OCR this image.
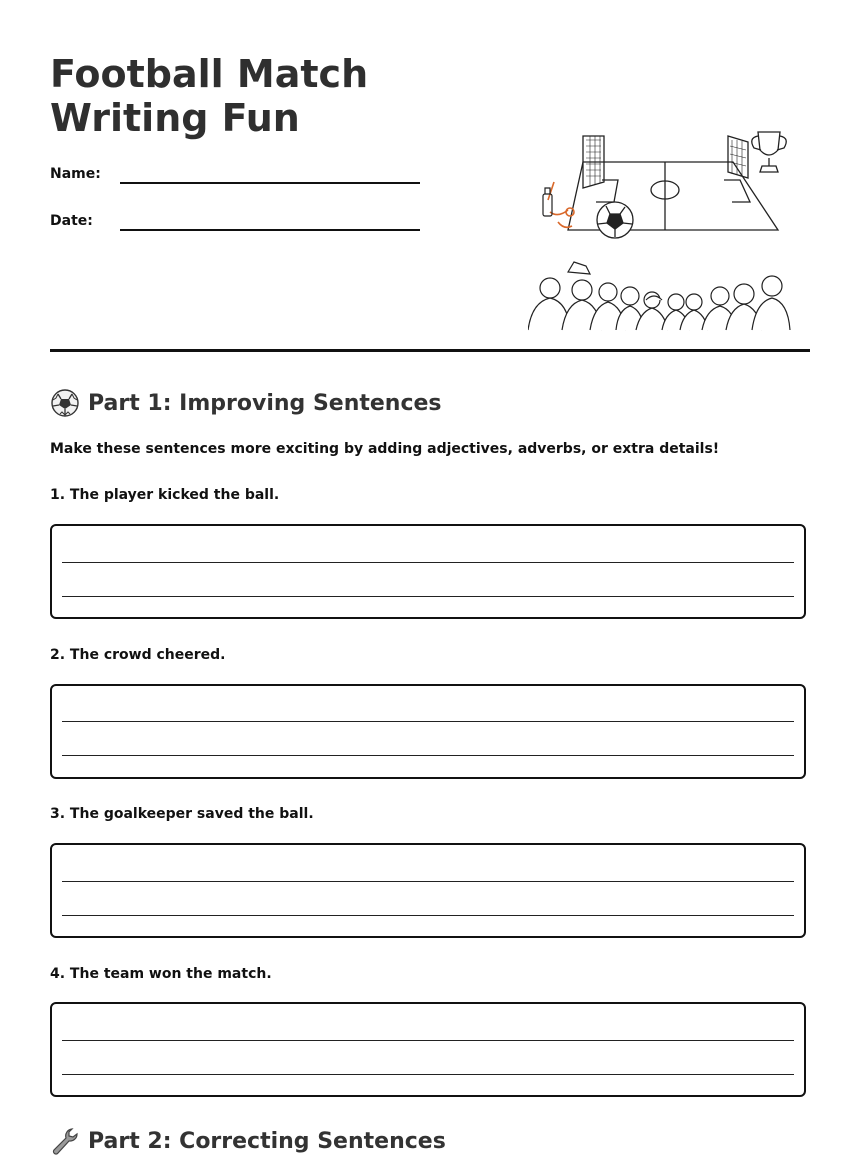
Football Match Writing Fun
Name:
Date:
Part 1: Improving Sentences
Make these sentences more exciting by adding adjectives, adverbs, or extra details!
1. The player kicked the ball.
2. The crowd cheered.
3. The goalkeeper saved the ball.
4. The team won the match.
Part 2: Correcting Sentences
